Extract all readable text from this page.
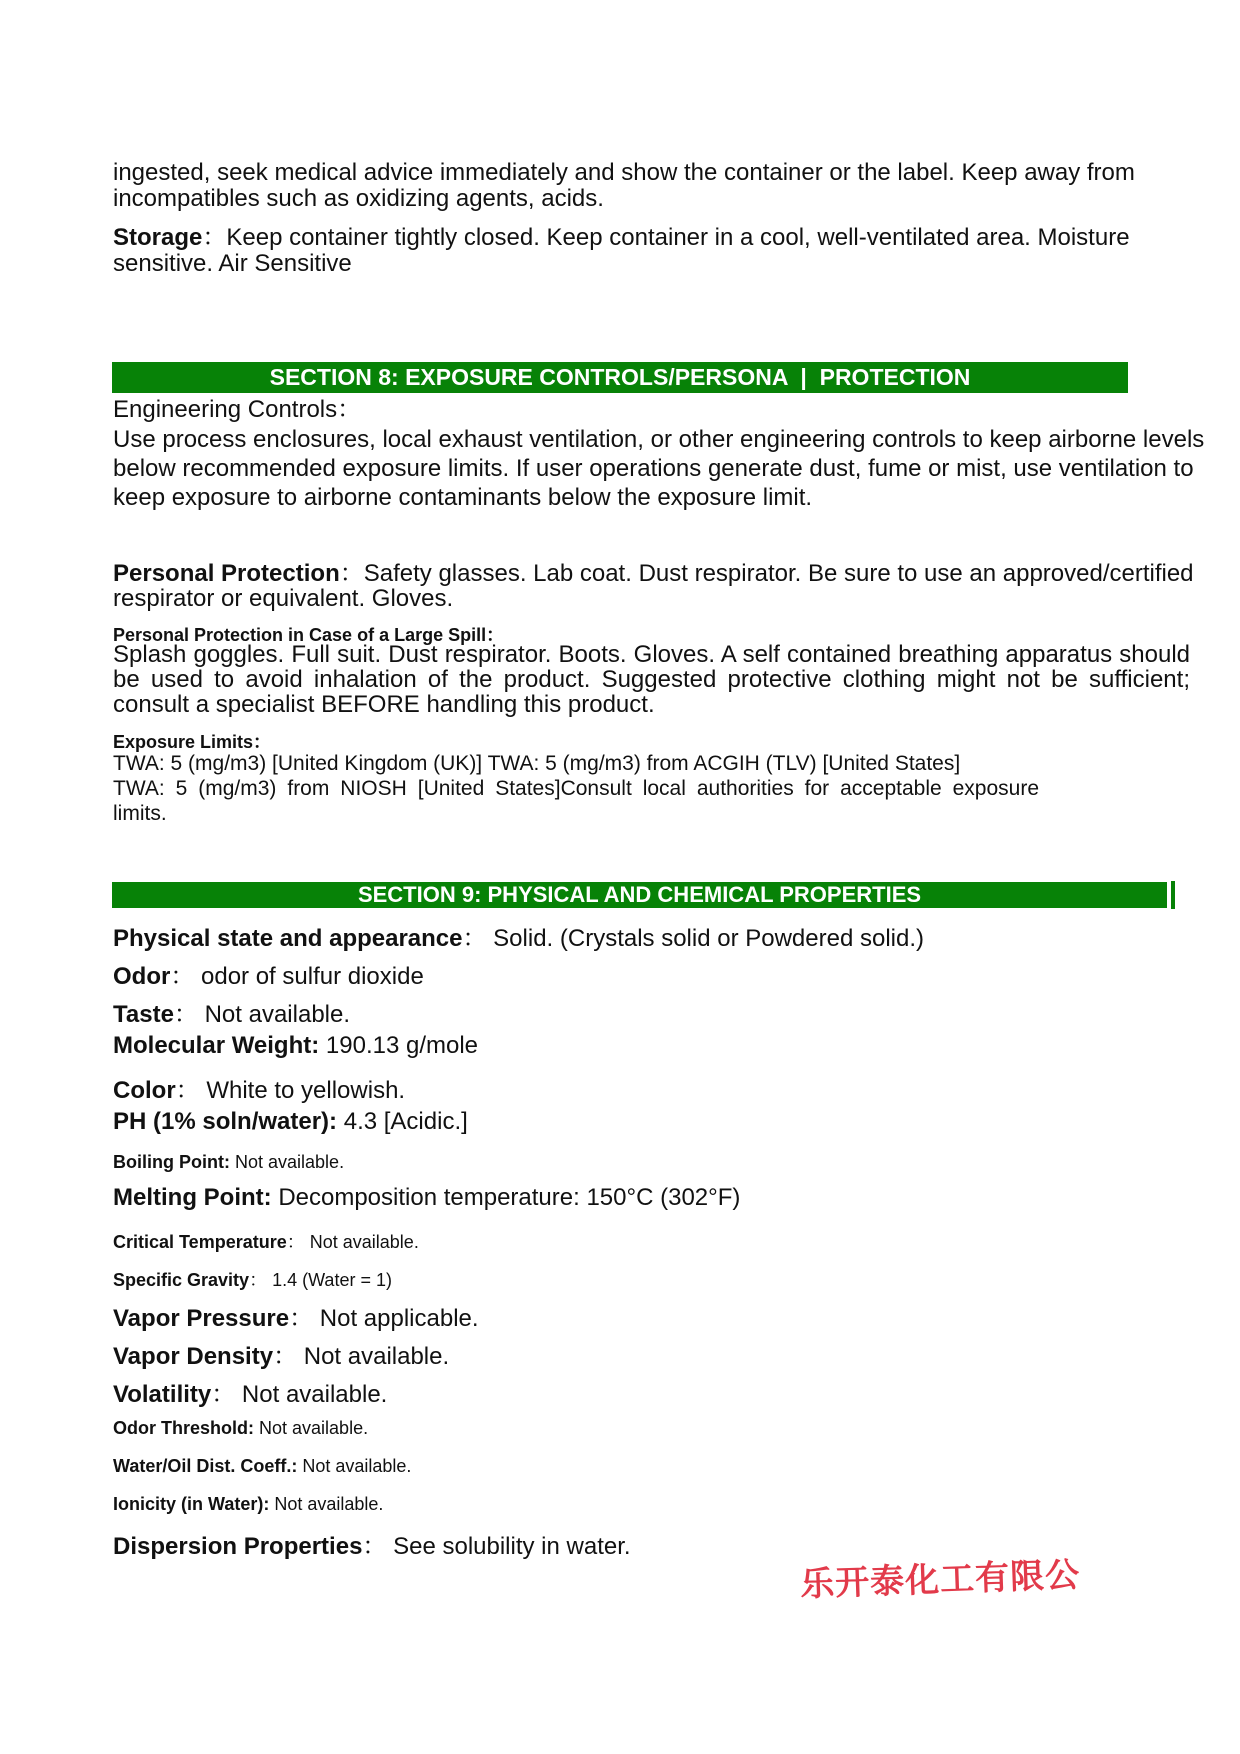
ingested, seek medical advice immediately and show the container or the label. Keep away from incompatibles such as oxidizing agents, acids.
Storage：Keep container tightly closed. Keep container in a cool, well-ventilated area. Moisture sensitive. Air Sensitive
SECTION 8: EXPOSURE CONTROLS/PERSONA  |  PROTECTION
Engineering Controls：
Use process enclosures, local exhaust ventilation, or other engineering controls to keep airborne levels below recommended exposure limits. If user operations generate dust, fume or mist, use ventilation to keep exposure to airborne contaminants below the exposure limit.
Personal Protection：Safety glasses. Lab coat. Dust respirator. Be sure to use an approved/certified respirator or equivalent. Gloves.
Personal Protection in Case of a Large Spill：
Splash goggles. Full suit. Dust respirator. Boots. Gloves. A self contained breathing apparatus should be used to avoid inhalation of the product. Suggested protective clothing might not be sufficient; consult a specialist BEFORE handling this product.
Exposure Limits：
TWA: 5 (mg/m3) [United Kingdom (UK)] TWA: 5 (mg/m3) from ACGIH (TLV) [United States]
TWA: 5 (mg/m3) from NIOSH [United States]Consult local authorities for acceptable exposure limits.
SECTION 9: PHYSICAL AND CHEMICAL PROPERTIES
Physical state and appearance： Solid. (Crystals solid or Powdered solid.)
Odor： odor of sulfur dioxide
Taste： Not available.
Molecular Weight: 190.13 g/mole
Color： White to yellowish.
PH (1% soln/water): 4.3 [Acidic.]
Boiling Point: Not available.
Melting Point: Decomposition temperature: 150°C (302°F)
Critical Temperature： Not available.
Specific Gravity： 1.4 (Water = 1)
Vapor Pressure： Not applicable.
Vapor Density： Not available.
Volatility： Not available.
Odor Threshold: Not available.
Water/Oil Dist. Coeff.: Not available.
Ionicity (in Water): Not available.
Dispersion Properties： See solubility in water.
乐开泰化工有限公
